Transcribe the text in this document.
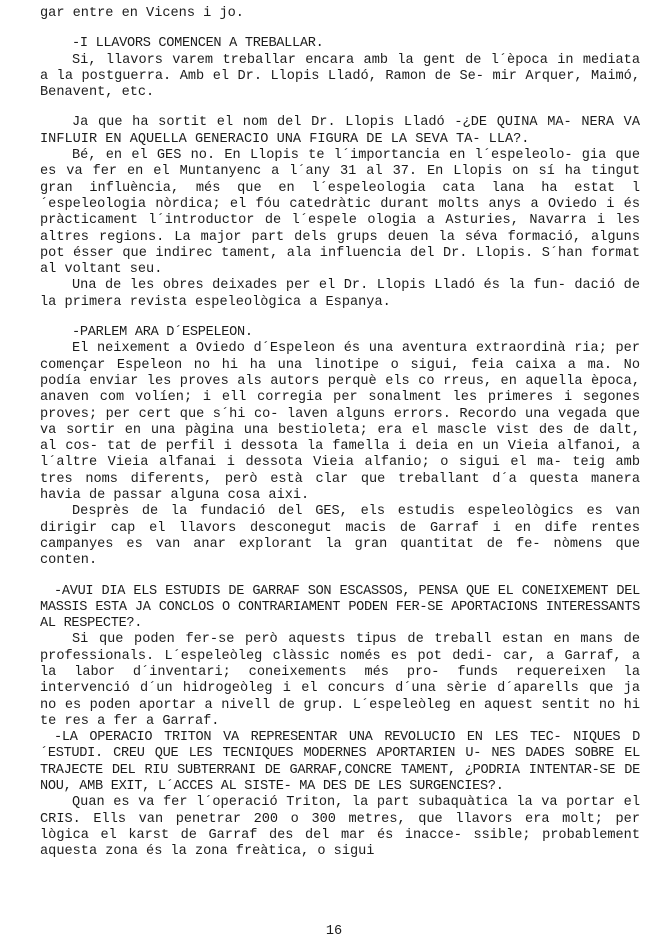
gar entre en Vicens i jo.

-I LLAVORS COMENCEN A TREBALLAR.

Si, llavors varem treballar encara amb la gent de l´època in mediata a la postguerra. Amb el Dr. Llopis Lladó, Ramon de Se- mir Arquer, Maimó, Benavent, etc.

Ja que ha sortit el nom del Dr. Llopis Lladó -¿DE QUINA MA- NERA VA INFLUIR EN AQUELLA GENERACIO UNA FIGURA DE LA SEVA TA- LLA?.

Bé, en el GES no. En Llopis te l´importancia en l´espeleolo- gia que es va fer en el Muntanyenc a l´any 31 al 37. En Llopis on sí ha tingut gran influència, més que en l´espeleologia cata lana ha estat l´espeleologia nòrdica; el fóu catedràtic durant molts anys a Oviedo i és pràcticament l´introductor de l´espele ologia a Asturies, Navarra i les altres regions. La major part dels grups deuen la séva formació, alguns pot ésser que indirec tament, ala influencia del Dr. Llopis. S´han format al voltant seu.

Una de les obres deixades per el Dr. Llopis Lladó és la fun- dació de la primera revista espeleològica a Espanya.

-PARLEM ARA D´ESPELEON.

El neixement a Oviedo d´Espeleon és una aventura extraordinà ria; per començar Espeleon no hi ha una linotipe o sigui, feia caixa a ma. No podía enviar les proves als autors perquè els co rreus, en aquella època, anaven com volíen; i ell corregia per sonalment les primeres i segones proves; per cert que s´hi co- laven alguns errors. Recordo una vegada que va sortir en una pàgina una bestioleta; era el mascle vist des de dalt, al cos- tat de perfil i dessota la famella i deia en un Vieia alfanoi, a l´altre Vieia alfanai i dessota Vieia alfanio; o sigui el ma- teig amb tres noms diferents, però està clar que treballant d´a questa manera havia de passar alguna cosa aixi.

Desprès de la fundació del GES, els estudis espeleològics es van dirigir cap el llavors desconegut macis de Garraf i en dife rentes campanyes es van anar explorant la gran quantitat de fe- nòmens que conten.

-AVUI DIA ELS ESTUDIS DE GARRAF SON ESCASSOS, PENSA QUE EL CONEIXEMENT DEL MASSIS ESTA JA CONCLOS O CONTRARIAMENT PODEN FER-SE APORTACIONS INTERESSANTS AL RESPECTE?.

Si que poden fer-se però aquests tipus de treball estan en mans de professionals. L´espeleòleg clàssic només es pot dedi- car, a Garraf, a la labor d´inventari; coneixements més pro- funds requereixen la intervenció d´un hidrogeòleg i el concurs d´una sèrie d´aparells que ja no es poden aportar a nivell de grup. L´espeleòleg en aquest sentit no hi te res a fer a Garraf.

-LA OPERACIO TRITON VA REPRESENTAR UNA REVOLUCIO EN LES TEC- NIQUES D´ESTUDI. CREU QUE LES TECNIQUES MODERNES APORTARIEN U- NES DADES SOBRE EL TRAJECTE DEL RIU SUBTERRANI DE GARRAF,CONCRE TAMENT, ¿PODRIA INTENTAR-SE DE NOU, AMB EXIT, L´ACCES AL SISTE- MA DES DE LES SURGENCIES?.

Quan es va fer l´operació Triton, la part subaquàtica la va portar el CRIS. Ells van penetrar 200 o 300 metres, que llavors era molt; per lògica el karst de Garraf des del mar és inacce- ssible; probablement aquesta zona és la zona freàtica, o sigui

16
